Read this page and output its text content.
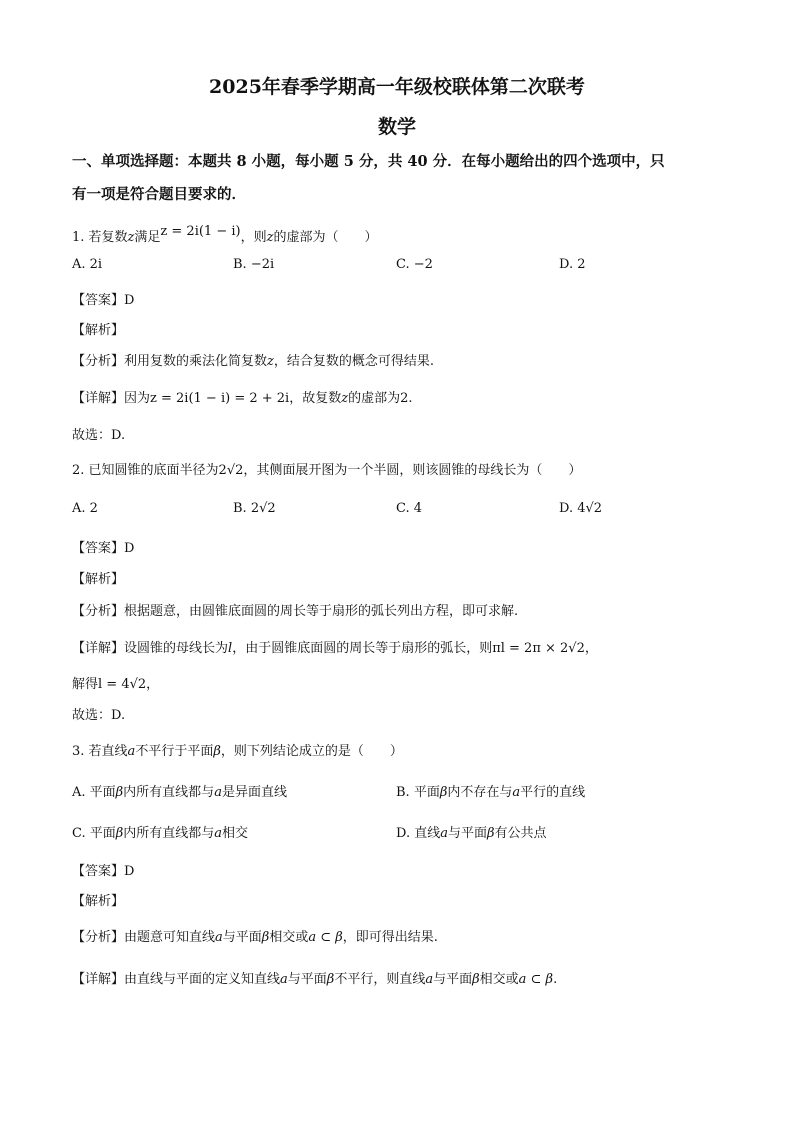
2025年春季学期高一年级校联体第二次联考
数学
一、单项选择题：本题共 8 小题，每小题 5 分，共 40 分．在每小题给出的四个选项中，只
有一项是符合题目要求的．
1. 若复数z满足z = 2i(1 − i)，则z的虚部为（　　）
A. 2i	B. −2i	C. −2	D. 2
【答案】D
【解析】
【分析】利用复数的乘法化简复数z，结合复数的概念可得结果.
【详解】因为z = 2i(1 − i) = 2 + 2i，故复数z的虚部为2.
故选：D.
2. 已知圆锥的底面半径为2√2，其侧面展开图为一个半圆，则该圆锥的母线长为（　　）
A. 2	B. 2√2	C. 4	D. 4√2
【答案】D
【解析】
【分析】根据题意，由圆锥底面圆的周长等于扇形的弧长列出方程，即可求解.
【详解】设圆锥的母线长为l，由于圆锥底面圆的周长等于扇形的弧长，则πl = 2π × 2√2，
解得l = 4√2，
故选：D.
3. 若直线a不平行于平面β，则下列结论成立的是（　　）
A. 平面β内所有直线都与a是异面直线	B. 平面β内不存在与a平行的直线
C. 平面β内所有直线都与a相交	D. 直线a与平面β有公共点
【答案】D
【解析】
【分析】由题意可知直线a与平面β相交或a ⊂ β，即可得出结果.
【详解】由直线与平面的定义知直线a与平面β不平行，则直线a与平面β相交或a ⊂ β.
